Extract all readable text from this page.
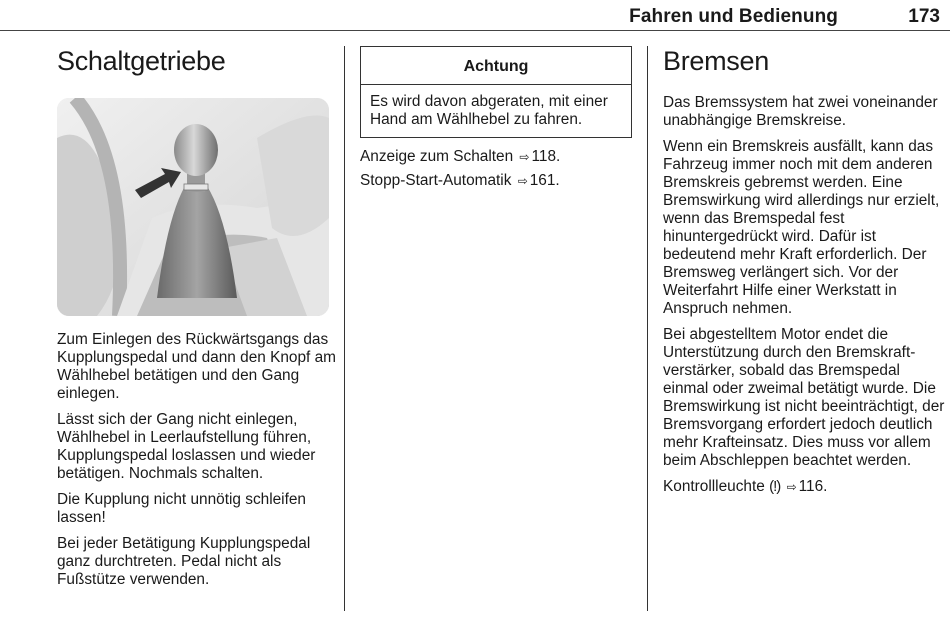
Fahren und Bedienung	173
Schaltgetriebe

Zum Einlegen des Rückwärtsgangs das Kupplungspedal und dann den Knopf am Wählhebel betätigen und den Gang einlegen.

Lässt sich der Gang nicht einlegen, Wählhebel in Leerlaufstellung führen, Kupplungspedal loslassen und wieder betätigen. Nochmals schalten.

Die Kupplung nicht unnötig schleifen lassen!

Bei jeder Betätigung Kupplungspedal ganz durchtreten. Pedal nicht als Fußstütze verwenden.

Achtung
Es wird davon abgeraten, mit einer Hand am Wählhebel zu fahren.

Anzeige zum Schalten ⇨ 118.

Stopp-Start-Automatik ⇨ 161.

Bremsen

Das Bremssystem hat zwei voneinander unabhängige Bremskreise.

Wenn ein Bremskreis ausfällt, kann das Fahrzeug immer noch mit dem anderen Bremskreis gebremst werden. Eine Bremswirkung wird allerdings nur erzielt, wenn das Bremspedal fest hinuntergedrückt wird. Dafür ist bedeutend mehr Kraft erforderlich. Der Bremsweg verlängert sich. Vor der Weiterfahrt Hilfe einer Werkstatt in Anspruch nehmen.

Bei abgestelltem Motor endet die Unterstützung durch den Bremskraftverstärker, sobald das Bremspedal einmal oder zweimal betätigt wurde. Die Bremswirkung ist nicht beeinträchtigt, der Bremsvorgang erfordert jedoch deutlich mehr Krafteinsatz. Dies muss vor allem beim Abschleppen beachtet werden.

Kontrollleuchte (!) ⇨ 116.
